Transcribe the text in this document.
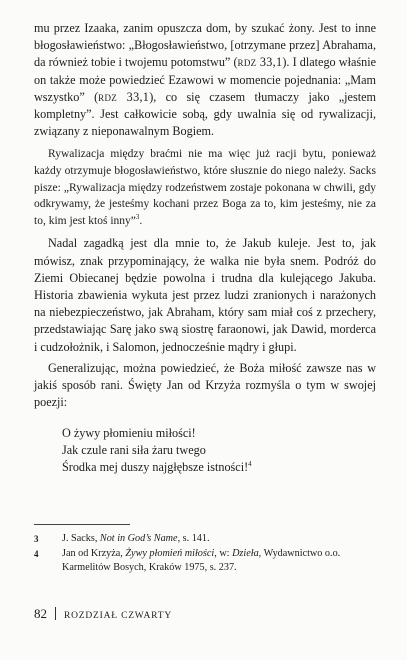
mu przez Izaaka, zanim opuszcza dom, by szukać żony. Jest to inne błogosławieństwo: „Błogosławieństwo, [otrzymane przez] Abrahama, da również tobie i twojemu potomstwu” (rdz 33,1). I dlatego właśnie on także może powiedzieć Ezawowi w momencie pojednania: „Mam wszystko” (rdz 33,1), co się czasem tłumaczy jako „jestem kompletny”. Jest całkowicie sobą, gdy uwalnia się od rywalizacji, związany z nieponawalnym Bogiem.

Rywalizacja między braćmi nie ma więc już racji bytu, ponieważ każdy otrzymuje błogosławieństwo, które słusznie do niego należy. Sacks pisze: „Rywalizacja między rodzeństwem zostaje pokonana w chwili, gdy odkrywamy, że jesteśmy kochani przez Boga za to, kim jesteśmy, nie za to, kim jest ktoś inny”$^3$.

Nadal zagadką jest dla mnie to, że Jakub kuleje. Jest to, jak mówisz, znak przypominający, że walka nie była snem. Podróż do Ziemi Obiecanej będzie powolna i trudna dla kulejącego Jakuba. Historia zbawienia wykuta jest przez ludzi zranionych i narażonych na niebezpieczeństwo, jak Abraham, który sam miał coś z przechery, przedstawiając Sarę jako swą siostrę faraonowi, jak Dawid, morderca i cudzołożnik, i Salomon, jednocześnie mądry i głupi.

Generalizując, można powiedzieć, że Boża miłość zawsze nas w jakiś sposób rani. Święty Jan od Krzyża rozmyśla o tym w swojej poezji:

O żywy płomieniu miłości!
Jak czule rani siła żaru twego
Środka mej duszy najgłębsze istności!$^4$
3	J. Sacks, Not in God’s Name, s. 141.
4	Jan od Krzyża, Żywy płomień miłości, w: Dzieła, Wydawnictwo o.o. Karmelitów Bosych, Kraków 1975, s. 237.
82 ROZDZIAŁ CZWARTY
